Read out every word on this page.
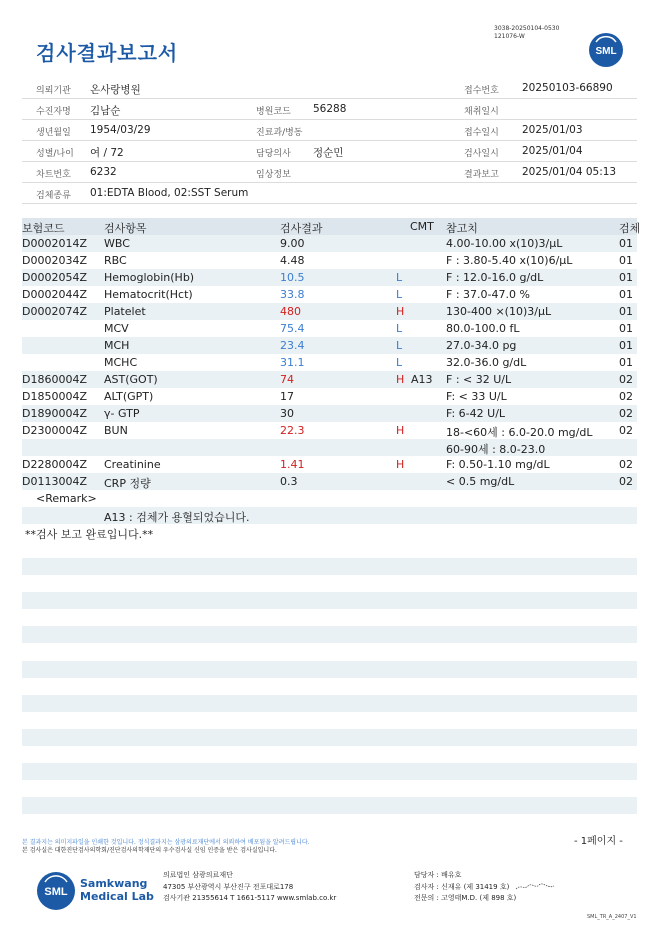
검사결과보고서
3038-20250104-0530
121076-W
SML
의뢰기관 온사랑병원	접수번호 20250103-66890
수진자명 김남순	병원코드 56288	채취일시
생년월일 1954/03/29	진료과/병동	접수일시 2025/01/03
성별/나이 여 / 72	담당의사 정순민	검사일시 2025/01/04
차트번호 6232	임상정보	결과보고 2025/01/04 05:13
검체종류 01:EDTA Blood, 02:SST Serum
보험코드	검사항목	검사결과	CMT 참고치	검체
D0002014Z WBC	9.00	4.00-10.00 x(10)3/μL	01
D0002034Z RBC	4.48	F : 3.80-5.40 x(10)6/μL	01
D0002054Z Hemoglobin(Hb)	10.5	L	F : 12.0-16.0 g/dL	01
D0002044Z Hematocrit(Hct)	33.8	L	F : 37.0-47.0 %	01
D0002074Z Platelet	480	H	130-400 ×(10)3/μL	01
MCV	75.4	L	80.0-100.0 fL	01
MCH	23.4	L	27.0-34.0 pg	01
MCHC	31.1	L	32.0-36.0 g/dL	01
D1860004Z AST(GOT)	74	H A13 F : < 32 U/L	02
D1850004Z ALT(GPT)	17	F: < 33 U/L	02
D1890004Z γ- GTP	30	F: 6-42 U/L	02
D2300004Z BUN	22.3	H	18-<60세 : 6.0-20.0 mg/dL 02
60-90세 : 8.0-23.0
D2280004Z Creatinine	1.41	H	F: 0.50-1.10 mg/dL	02
D0113004Z CRP 정량	0.3	< 0.5 mg/dL	02
<Remark>
A13 : 검체가 용혈되었습니다.
**검사 보고 완료입니다.**
- 1페이지 -
본 결과지는 의미지파일을 인쇄한 것입니다. 정식결과지는 삼광의료재단에서 의뢰하여 배포됨을 알려드립니다.
본 검사실은 대한진단검사의학회/진단검사의학재단의 우수검사실 신임 인증을 받은 검사실입니다.
SML
Samkwang
Medical Lab
의료법인 삼광의료재단
47305 부산광역시 부산진구 전포대로178
검사기관 21355614 T 1661-5117 www.smlab.co.kr
담당자 : 배유호
검사자 : 신재유 (제 31419 호)
전문의 : 고영태M.D. (제 898 호)
SML_TR_A_2407_V1
